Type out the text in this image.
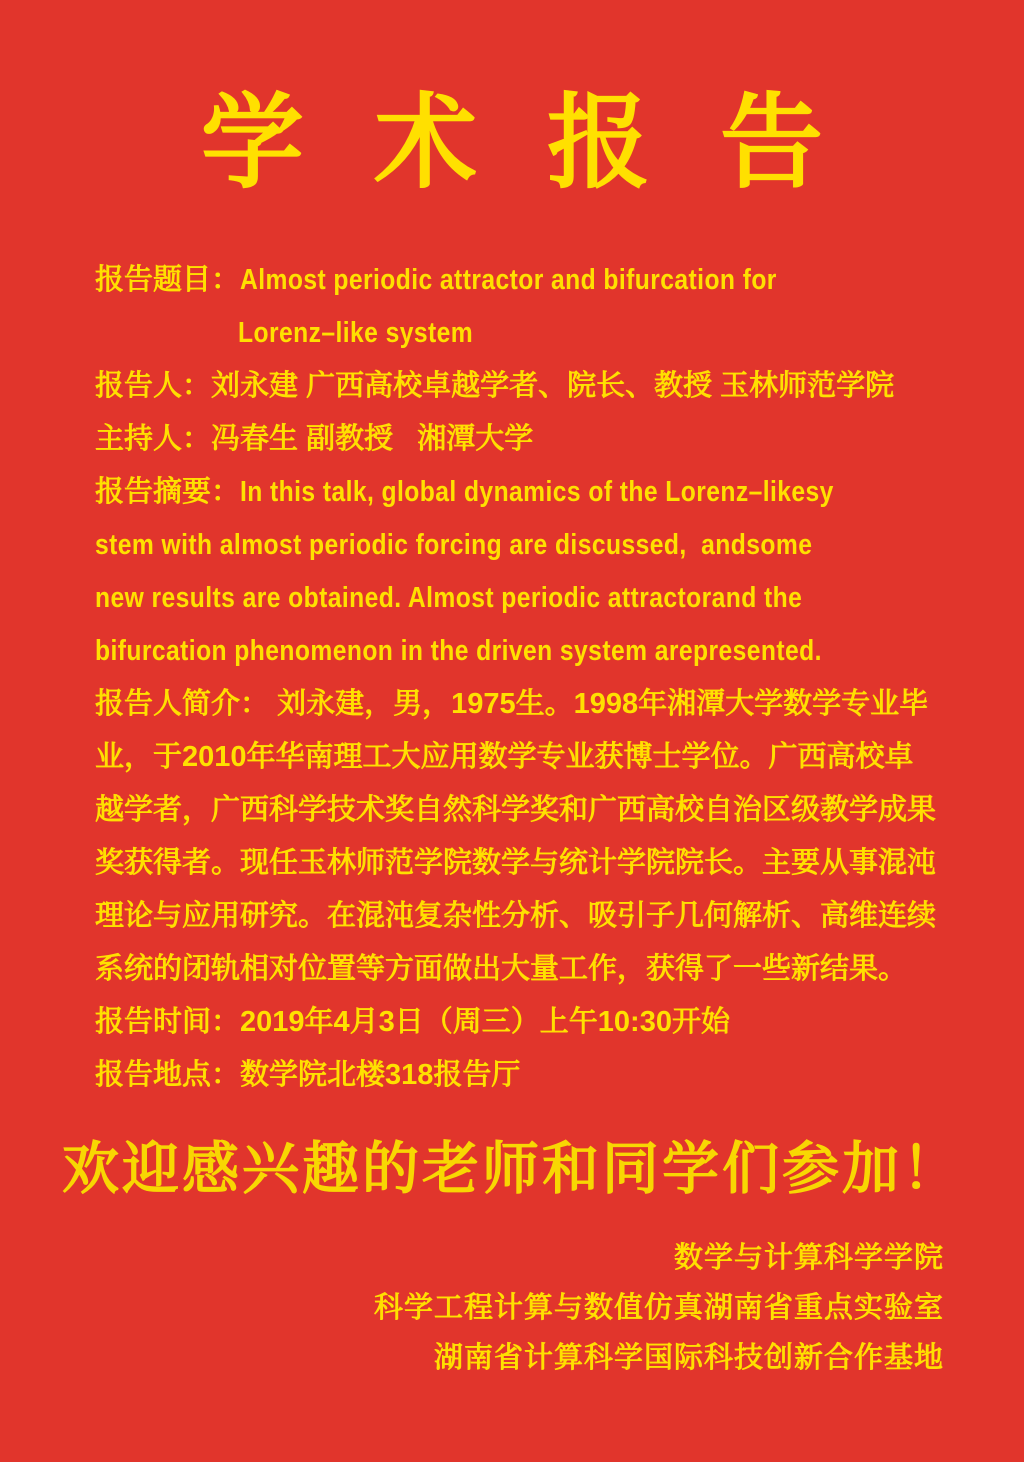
学术报告
报告题目：Almost periodic attractor and bifurcation for
Lorenz–like system
报告人：刘永建 广西高校卓越学者、院长、教授 玉林师范学院
主持人：冯春生 副教授   湘潭大学
报告摘要：In this talk, global dynamics of the Lorenz–likesy
stem with almost periodic forcing are discussed,  andsome
new results are obtained. Almost periodic attractorand the
bifurcation phenomenon in the driven system arepresented.
报告人简介： 刘永建，男，1975生。1998年湘潭大学数学专业毕
业，于2010年华南理工大应用数学专业获博士学位。广西高校卓
越学者，广西科学技术奖自然科学奖和广西高校自治区级教学成果
奖获得者。现任玉林师范学院数学与统计学院院长。主要从事混沌
理论与应用研究。在混沌复杂性分析、吸引子几何解析、高维连续
系统的闭轨相对位置等方面做出大量工作，获得了一些新结果。
报告时间：2019年4月3日（周三）上午10:30开始
报告地点：数学院北楼318报告厅
欢迎感兴趣的老师和同学们参加！
数学与计算科学学院
科学工程计算与数值仿真湖南省重点实验室
湖南省计算科学国际科技创新合作基地
